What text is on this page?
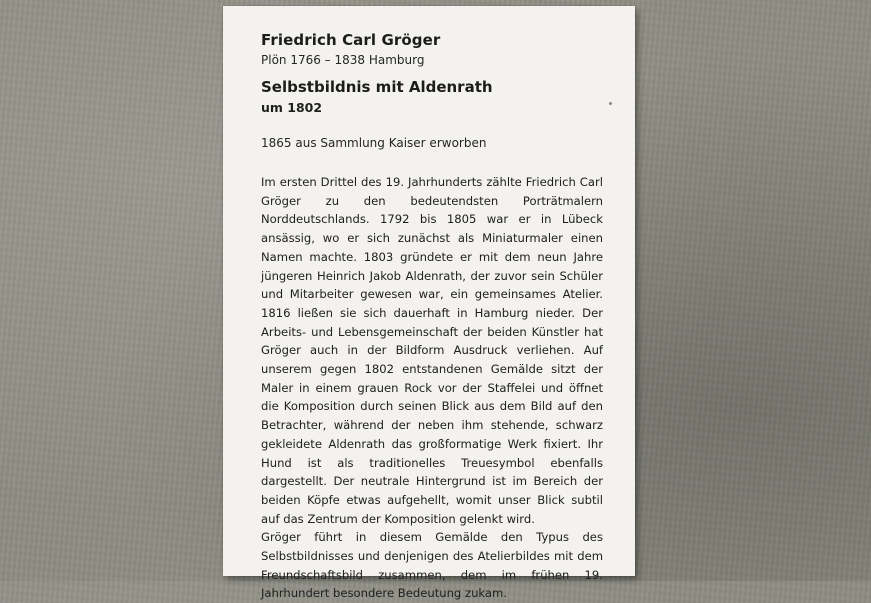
Friedrich Carl Gröger
Plön 1766 – 1838 Hamburg
Selbstbildnis mit Aldenrath
um 1802
1865 aus Sammlung Kaiser erworben

Im ersten Drittel des 19. Jahrhunderts zählte Friedrich Carl Gröger zu den bedeutendsten Porträtmalern Norddeutschlands. 1792 bis 1805 war er in Lübeck ansässig, wo er sich zunächst als Miniaturmaler einen Namen machte. 1803 gründete er mit dem neun Jahre jüngeren Heinrich Jakob Aldenrath, der zuvor sein Schüler und Mitarbeiter gewesen war, ein gemeinsames Atelier. 1816 ließen sie sich dauerhaft in Hamburg nieder. Der Arbeits- und Lebensgemeinschaft der beiden Künstler hat Gröger auch in der Bildform Ausdruck verliehen. Auf unserem gegen 1802 entstandenen Gemälde sitzt der Maler in einem grauen Rock vor der Staffelei und öffnet die Komposition durch seinen Blick aus dem Bild auf den Betrachter, während der neben ihm stehende, schwarz gekleidete Aldenrath das großformatige Werk fixiert. Ihr Hund ist als traditionelles Treuesymbol ebenfalls dargestellt. Der neutrale Hintergrund ist im Bereich der beiden Köpfe etwas aufgehellt, womit unser Blick subtil auf das Zentrum der Komposition gelenkt wird.

Gröger führt in diesem Gemälde den Typus des Selbstbildnisses und denjenigen des Atelierbildes mit dem Freundschaftsbild zusammen, dem im frühen 19. Jahrhundert besondere Bedeutung zukam.
